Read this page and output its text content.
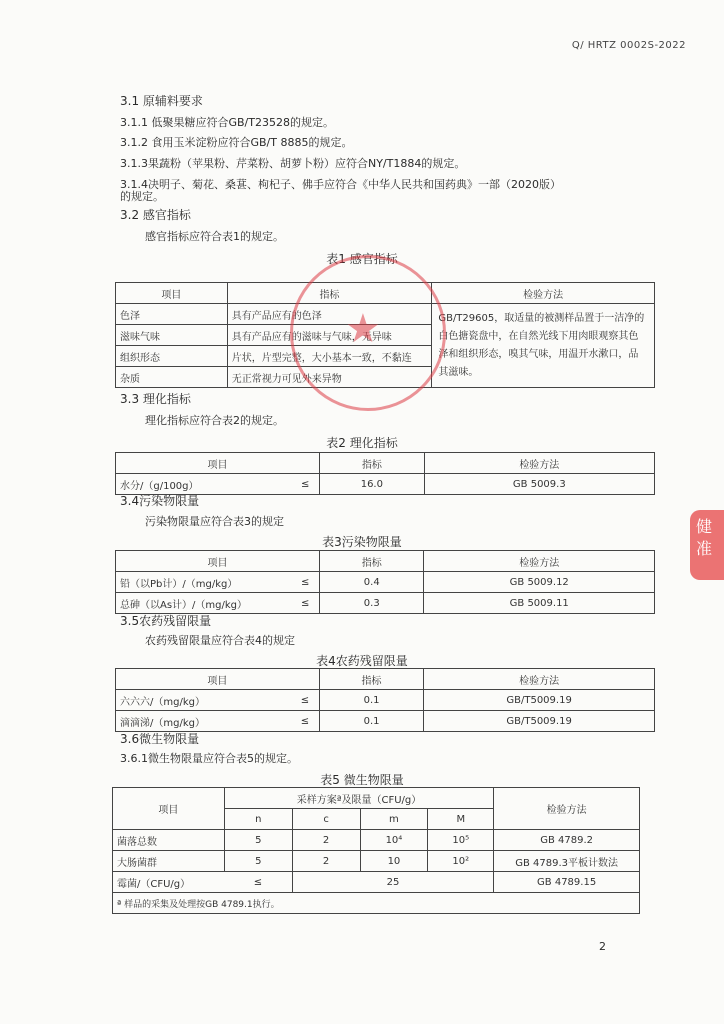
Q/ HRTZ 0002S-2022
3.1 原辅料要求
3.1.1 低聚果糖应符合GB/T23528的规定。
3.1.2 食用玉米淀粉应符合GB/T 8885的规定。
3.1.3果蔬粉（苹果粉、芹菜粉、胡萝卜粉）应符合NY/T1884的规定。
3.1.4决明子、菊花、桑葚、枸杞子、佛手应符合《中华人民共和国药典》一部（2020版）
的规定。
3.2 感官指标
感官指标应符合表1的规定。
表1 感官指标
项目	指标	检验方法
色泽	具有产品应有的色泽	GB/T29605，取适量的被测样品置于一洁净的白色搪瓷盘中，在自然光线下用肉眼观察其色泽和组织形态，嗅其气味，用温开水漱口，品其滋味。
滋味气味	具有产品应有的滋味与气味，无异味	
组织形态	片状，片型完整，大小基本一致，不黏连	
杂质	无正常视力可见外来异物	
★
3.3 理化指标
理化指标应符合表2的规定。
表2 理化指标
项目		指标	检验方法
水分/（g/100g）	≤	16.0	GB 5009.3
3.4污染物限量
污染物限量应符合表3的规定
表3污染物限量
项目		指标	检验方法
铅（以Pb计）/（mg/kg）	≤	0.4	GB 5009.12
总砷（以As计）/（mg/kg）	≤	0.3	GB 5009.11
健
准
3.5农药残留限量
农药残留限量应符合表4的规定
表4农药残留限量
项目		指标	检验方法
六六六/（mg/kg）	≤	0.1	GB/T5009.19
滴滴涕/（mg/kg）	≤	0.1	GB/T5009.19
3.6微生物限量
3.6.1微生物限量应符合表5的规定。
表5 微生物限量
项目	采样方案ª及限量（CFU/g）				检验方法
	n	c	m	M	
菌落总数	5	2	10⁴	10⁵	GB 4789.2
大肠菌群	5	2	10	10²	GB 4789.3平板计数法
霉菌/（CFU/g）	≤	25			GB 4789.15
ª 样品的采集及处理按GB 4789.1执行。					
2
